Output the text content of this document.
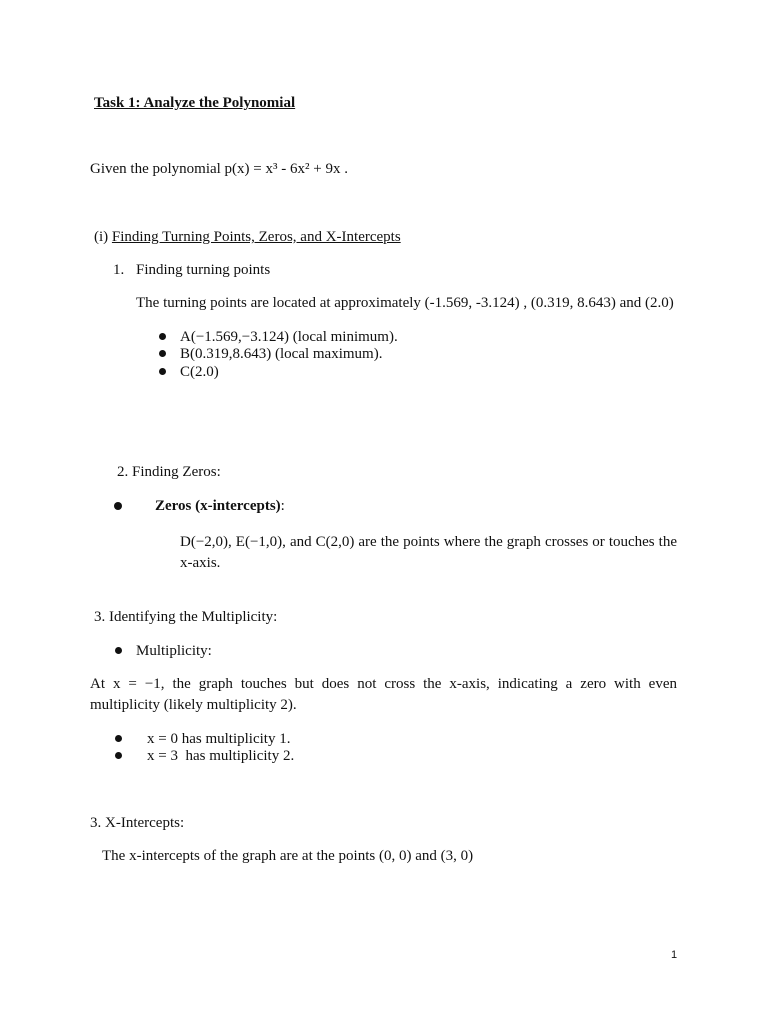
Task 1: Analyze the Polynomial
Given the polynomial p(x) = x³ - 6x² + 9x .
(i) Finding Turning Points, Zeros, and X-Intercepts
1. Finding turning points
The turning points are located at approximately (-1.569, -3.124) , (0.319, 8.643) and (2.0)
A(−1.569,−3.124) (local minimum).
B(0.319,8.643) (local maximum).
C(2.0)
2. Finding Zeros:
Zeros (x-intercepts):
D(−2,0), E(−1,0), and C(2,0) are the points where the graph crosses or touches the
x-axis.
3. Identifying the Multiplicity:
Multiplicity:
At x = −1, the graph touches but does not cross the x-axis, indicating a zero with even
multiplicity (likely multiplicity 2).
x = 0 has multiplicity 1.
x = 3  has multiplicity 2.
3. X-Intercepts:
The x-intercepts of the graph are at the points (0, 0) and (3, 0)
1
